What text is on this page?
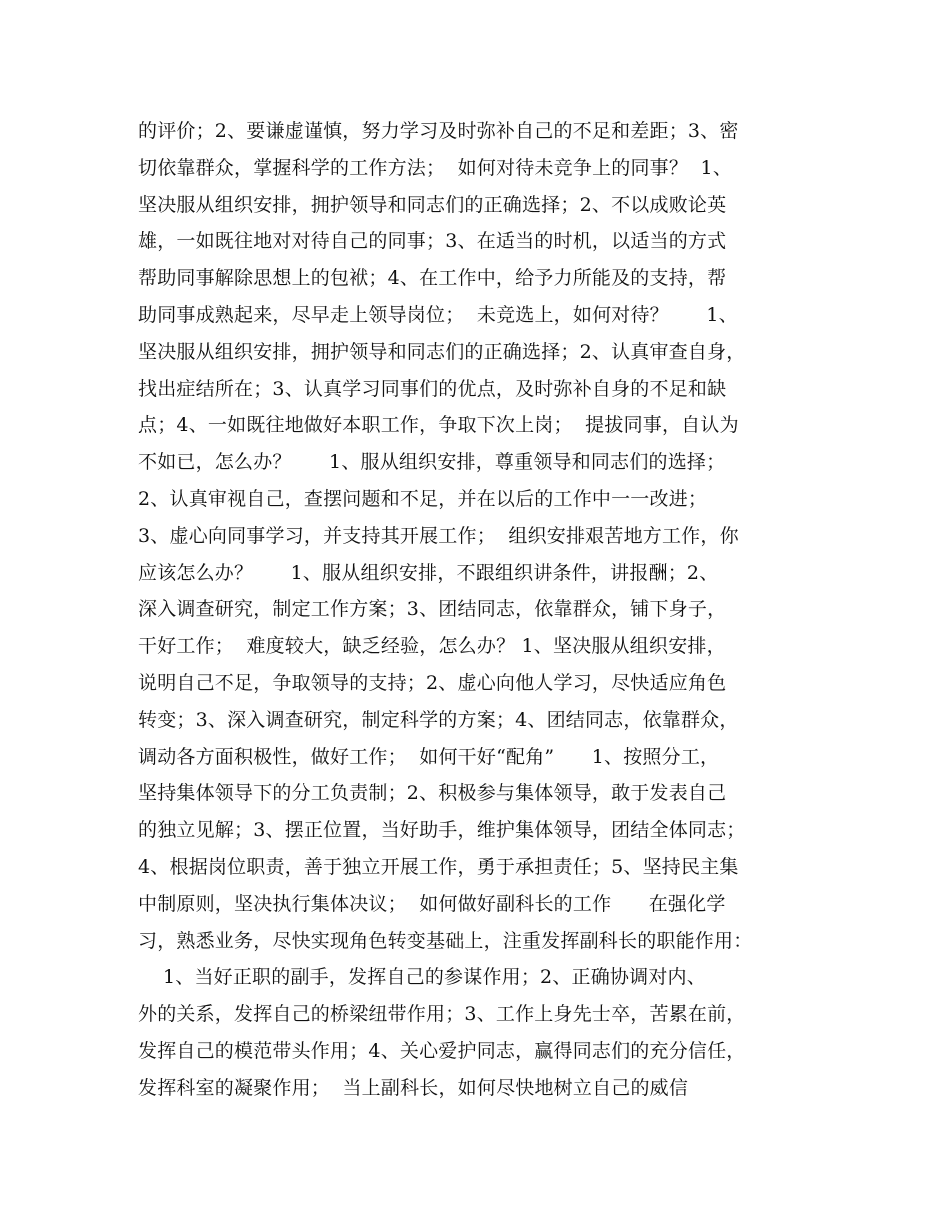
的评价；2、要谦虚谨慎，努力学习及时弥补自己的不足和差距；3、密
切依靠群众，掌握科学的工作方法；  如何对待未竞争上的同事？  1、
坚决服从组织安排，拥护领导和同志们的正确选择；2、不以成败论英
雄，一如既往地对对待自己的同事；3、在适当的时机，以适当的方式
帮助同事解除思想上的包袱；4、在工作中，给予力所能及的支持，帮
助同事成熟起来，尽早走上领导岗位；  未竞选上，如何对待？      1、
坚决服从组织安排，拥护领导和同志们的正确选择；2、认真审查自身，
找出症结所在；3、认真学习同事们的优点，及时弥补自身的不足和缺
点；4、一如既往地做好本职工作，争取下次上岗；  提拔同事，自认为
不如已，怎么办？      1、服从组织安排，尊重领导和同志们的选择；
2、认真审视自己，查摆问题和不足，并在以后的工作中一一改进；
3、虚心向同事学习，并支持其开展工作；  组织安排艰苦地方工作，你
应该怎么办？      1、服从组织安排，不跟组织讲条件，讲报酬；2、
深入调查研究，制定工作方案；3、团结同志，依靠群众，铺下身子，
干好工作；  难度较大，缺乏经验，怎么办？ 1、坚决服从组织安排，
说明自己不足，争取领导的支持；2、虚心向他人学习，尽快适应角色
转变；3、深入调查研究，制定科学的方案；4、团结同志，依靠群众，
调动各方面积极性，做好工作；  如何干好“配角”      1、按照分工，
坚持集体领导下的分工负责制；2、积极参与集体领导，敢于发表自己
的独立见解；3、摆正位置，当好助手，维护集体领导，团结全体同志；
4、根据岗位职责，善于独立开展工作，勇于承担责任；5、坚持民主集
中制原则，坚决执行集体决议；  如何做好副科长的工作      在强化学
习，熟悉业务，尽快实现角色转变基础上，注重发挥副科长的职能作用：
1、当好正职的副手，发挥自己的参谋作用；2、正确协调对内、
外的关系，发挥自己的桥梁纽带作用；3、工作上身先士卒，苦累在前，
发挥自己的模范带头作用；4、关心爱护同志，赢得同志们的充分信任，
发挥科室的凝聚作用；  当上副科长，如何尽快地树立自己的威信
